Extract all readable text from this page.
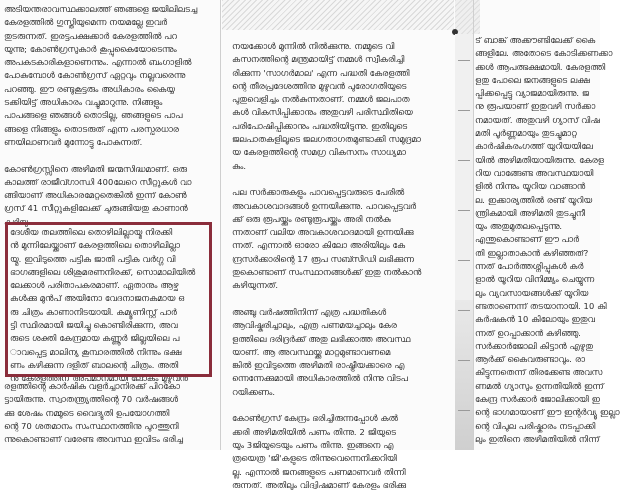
അടിയന്തരാവസ്ഥക്കാലത്ത് ഞങ്ങളെ ജയിലിലടച്ച

കേരളത്തിൽ ഗുസ്തിയുമെന്ന നയമല്ലേ ഇവർ

തുടരുന്നത്. ഇരട്ടപക്ഷക്കാർ കേരളത്തിൽ പറ

യുന്നു; കോൺഗ്രസുകാർ കൂപ്പുകൈയോടെന്നും

അപകടകാരികളാണെന്നും. എന്നാൽ ബംഗാളിൽ

പോകുമ്പോൾ കോൺഗ്രസ് ഏറ്റവും നല്ലവരെന്നു

പറഞ്ഞു. ഈ രണ്ടുകൂട്ടരും അധികാരം കൈയ്യ

ടക്കിയിട്ട് അധികാരം വച്ചുമാറുന്നു. നിങ്ങളും

പാപങ്ങളെ ഞങ്ങൾ തൊടില്ല, ഞങ്ങളുടെ പാപ

ങ്ങളെ നിങ്ങളും തൊടരുത് എന്ന പരസ്പരധാര

ണയിലാണവർ മുന്നോട്ടു പോകുന്നത്.

കോൺഗ്രസ്സിനെ അഴിമതി ജന്മസിദ്ധമാണ്. ഒരു

കാലത്ത് രാജീവ്ഗാന്ധി 400ലേറെ സീറ്റുകൾ വാ

ങ്ങിയാണ് അധികാരമേറ്റതെങ്കിൽ ഇന്ന് കോൺ

ഗ്രസ് 41 സീറ്റുകളിലേക്ക് ചുരുങ്ങിയതു കാണാൻ

കഴിയും.

ദേശീയ തലത്തിലെ തൊഴിലില്ലായ്മ നിരക്കി

ൻ മുന്നിലേയ്ക്കാണ് കേരളത്തിലെ തൊഴിലില്ലാ

യ്മ. ഇവിടുത്തെ പട്ടിക ജാതി പട്ടിക വർഗ്ഗ വി

ഭാഗങ്ങളിലെ ശിശുമരണനിരക്ക്, സൊമാലിയിൽ

ലേക്കാൾ പരിതാപകരമാണ്. ഏതാനും ആഴ്ച

കൾക്കു മുൻപ് അയിനോ വേദനാജനകമായ ഒ

രു ചിത്രം കാണാനിടയായി. കമ്യൂണിസ്റ്റ് പാർ

ട്ടി സ്ഥിരമായി ജയിച്ചു കൊണ്ടിരിക്കുന്ന, അവ

രുടെ ശക്തി കേന്ദ്രമായ കണ്ണൂർ ജില്ലയിലെ പ

ാവപ്പെട്ട മാലിന്യ കൂമ്പാരത്തിൽ നിന്നും ഭക്ഷ

ണം കഴിക്കുന്ന ദളിത് ബാലന്റെ ചിത്രം. അതി

ൻ കേരളത്തിന് അപമാനമായി ലോകം മുഴുവൻ

രളത്തിന്റെ കാർഷിക വളർച്ചാനിരക്ക് പിറകോ

ട്ടായിരുന്നു. സ്വാതന്ത്ര്യത്തിന്റെ 70 വർഷങ്ങൾ

ക്കു ശേഷം നമ്മുടെ വൈദ്യുതി ഉപയോഗത്തി

ന്റെ 70 ശതമാനം സംസ്ഥാനത്തിനു പുറത്തുനി

ന്നുകൊണ്ടാണ് വരേണ്ട അവസ്ഥ ഇവിടം ഭരിച്ച

നയക്കോൾ മുന്നിൽ നിൽക്കുന്നു. നമ്മുടെ വി

കസനത്തിന്റെ മന്ത്രമായിട്ട് നമ്മൾ സ്വീകരിച്ചി

രിക്കുന്ന 'സാഗർമാല' എന്ന പദ്ധതി കേരളത്തി

ന്റെ തീരപ്രദേശത്തിനു മുഴുവൻ പുരോഗതിയുടെ

പുതുവെളിച്ചം നൽകുന്നതാണ്. നമ്മൾ ജലപാത

കൾ വികസിപ്പിക്കാനും അതുവഴി പരിസ്ഥിതിയെ

പരിപോഷിപ്പിക്കാനും പദ്ധതിയിടുന്നു. ഇതിലൂടെ

ജലപാതകളിലൂടെ ജലഗതാഗതമുണ്ടാക്കി സമുദ്രമാ

യ കേരളത്തിന്റെ സമഗ്ര വികസനം സാധ്യമാ

കും.

പല സർക്കാരുകളും പാവപ്പെട്ടവരുടെ പേരിൽ

അവകാശവാദങ്ങൾ ഉന്നയിക്കുന്നു. പാവപ്പെട്ടവർ

ക്ക് ഒരു രൂപയ്ക്കും രണ്ടുരൂപയ്ക്കും അരി നൽകു

ന്നതാണ് വലിയ അവകാശവാദമായി ഉന്നയിക്കു

ന്നത്. എന്നാൽ ഓരോ കിലോ അരിയിലും കേ

ന്ദ്രസർക്കാരിന്റെ 17 രൂപ സബ്സിഡി ലഭിക്കുന്ന

തുകൊണ്ടാണ് സംസ്ഥാനങ്ങൾക്ക് ഇതു നൽകാൻ

കഴിയുന്നത്.

അഞ്ചു വർഷത്തിനിന്ന് എത്ര പദ്ധതികൾ

ആവിഷ്കരിച്ചാലും, എത്ര പണമയച്ചാലും കേര

ളത്തിലെ ദരിദ്രർക്ക് അതു ലഭിക്കാത്ത അവസ്ഥ

യാണ്. ആ അവസ്ഥയ്ക്കു മാറ്റമുണ്ടാവണമെ

ങ്കിൽ ഇവിടുത്തെ അഴിമതി രാഷ്ട്രീയക്കാരെ എ

ന്നെന്നേക്കുമായി അധികാരത്തിൽ നിന്നു വിടപ

റയിക്കണം.

കോൺഗ്രസ് കേന്ദ്രം ഭരിച്ചിരുന്നപ്പോൾ കൽ

ക്കരി അഴിമതിയിൽ പണം തിന്നു. 2 ജിയുടെ

യും 3ജിയുടെയും പണം തിന്നു. ഇങ്ങനെ എ

ത്രയെത്ര 'ജി'കളുടെ തിന്നുവെന്നെനിക്കറിയി

ല്ല. എന്നാൽ ജനങ്ങളുടെ പണമാണവർ തിന്നി

രുന്നത്. അതിലും വിദ്വിഷമാണ് കേരളം ഭരിക്കു

ട് ബാങ്ക് അക്കൗണ്ടിലേക്ക് കൈ

ങ്ങളിലേ. അതോടെ കോടിക്കണക്കാ

ക്കൾ ആപത്ഭക്ഷമായി. കേരളത്തി

ളതു പോലെ ജനങ്ങളുടെ ലക്ഷ

പ്പിക്കപ്പെട്ടു വ്യാജമായിരുന്നു. ജ

നു രൂപയാണ് ഇതുവഴി സർക്കാ

നമായത്. അതുവഴി ഗ്യാസ് വിഷ

മതി പൂർണ്ണമായും തുടച്ചുമാറ്റ

കാർഷികരംഗത്ത് യുറിയയിലേ

യിൽ അഴിമതിയായിരുന്നു. കേരള

റിയ വാങ്ങേണ്ട അവസ്ഥയായി

ളിൽ നിന്നും യൂറിയ വാങ്ങാൻ

ല. ഇക്കാര്യത്തിൽ രണ്ട് യൂറിയ

ന്ത്രികമായി അഴിമതി തുടച്ചുനീ

യും അതുമുതലപ്പെടുന്നു.

എന്തുകൊണ്ടാണ് ഈ പാർ

തി ഇല്ലാതാകാൻ കഴിഞ്ഞത്?

ന്നത് പോർത്തശ്നിപ്പുകൾ കർ

ളാൽ യൂറിയ വിനിമ്മ്യം ചെയ്യുന്ന

ലും വ്യവസായങ്ങൾക്ക് യൂറിയ

ണ്ടതാണെന്ന് തടയാനായി. 10 കി

കർഷകൻ 10 കിലോയും ഇതുവ

ന്നത് ഉറപ്പാക്കാൻ കഴിഞ്ഞു.

സർക്കാർജോലി കിട്ടാൻ എഴുതു

ആർക്ക് കൈവരുണ്ടാവും. രാ

കിട്ടുന്നതെന്ന് തിരക്കേണ്ട അവസ

ണമൽ ഗ്യാസും ഉന്നതിയിൽ ഇന്ന്

കേന്ദ്ര സർക്കാർ ജോലിക്കായി ഇ

ന്റെ ഭാഗമായാണ് ഈ ഇന്റർവ്യൂ ഇല്ലാ

ന്റെ വിപുല പരിഷ്കാരം നടപ്പാക്കി

ലും ഇതിനെ അഴിമതിയിൽ നിന്ന്
